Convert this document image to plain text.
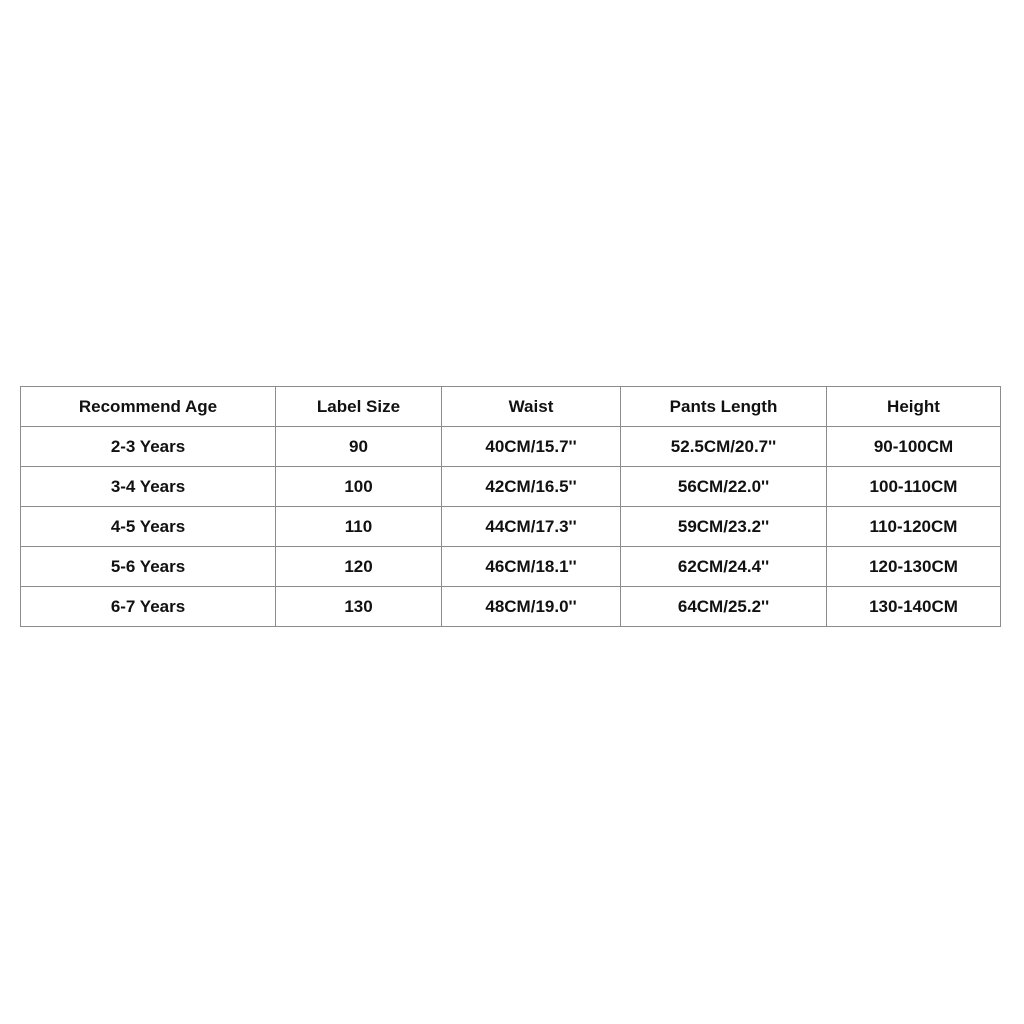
Recommend Age	Label Size	Waist	Pants Length	Height
2-3 Years	90	40CM/15.7''	52.5CM/20.7''	90-100CM
3-4 Years	100	42CM/16.5''	56CM/22.0''	100-110CM
4-5 Years	110	44CM/17.3''	59CM/23.2''	110-120CM
5-6 Years	120	46CM/18.1''	62CM/24.4''	120-130CM
6-7 Years	130	48CM/19.0''	64CM/25.2''	130-140CM
